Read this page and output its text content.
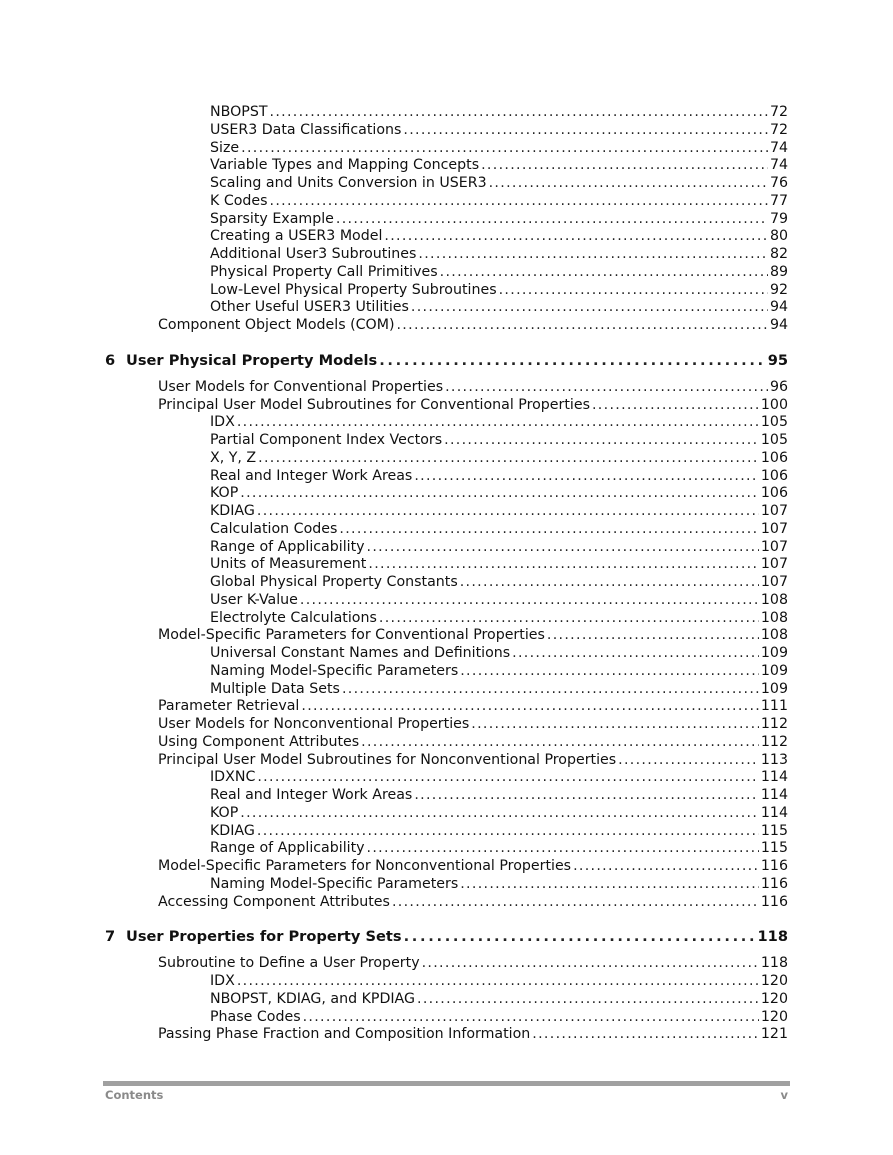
NBOPST . . .	72
USER3 Data Classifications . . .	72
Size . . .	74
Variable Types and Mapping Concepts . . .	74
Scaling and Units Conversion in USER3 . . .	76
K Codes . . .	77
Sparsity Example . . .	79
Creating a USER3 Model . . .	80
Additional User3 Subroutines . . .	82
Physical Property Call Primitives . . .	89
Low-Level Physical Property Subroutines . . .	92
Other Useful USER3 Utilities . . .	94
Component Object Models (COM) . . .	94
6 User Physical Property Models . . .	95
User Models for Conventional Properties . . .	96
Principal User Model Subroutines for Conventional Properties . . .	100
IDX . . .	105
Partial Component Index Vectors . . .	105
X, Y, Z . . .	106
Real and Integer Work Areas . . .	106
KOP . . .	106
KDIAG . . .	107
Calculation Codes . . .	107
Range of Applicability . . .	107
Units of Measurement . . .	107
Global Physical Property Constants . . .	107
User K-Value . . .	108
Electrolyte Calculations . . .	108
Model-Specific Parameters for Conventional Properties . . .	108
Universal Constant Names and Definitions . . .	109
Naming Model-Specific Parameters . . .	109
Multiple Data Sets . . .	109
Parameter Retrieval . . .	111
User Models for Nonconventional Properties . . .	112
Using Component Attributes . . .	112
Principal User Model Subroutines for Nonconventional Properties . . .	113
IDXNC . . .	114
Real and Integer Work Areas . . .	114
KOP . . .	114
KDIAG . . .	115
Range of Applicability . . .	115
Model-Specific Parameters for Nonconventional Properties . . .	116
Naming Model-Specific Parameters . . .	116
Accessing Component Attributes . . .	116
7 User Properties for Property Sets . . .	118
Subroutine to Define a User Property . . .	118
IDX . . .	120
NBOPST, KDIAG, and KPDIAG . . .	120
Phase Codes . . .	120
Passing Phase Fraction and Composition Information . . .	121
Contents	v
